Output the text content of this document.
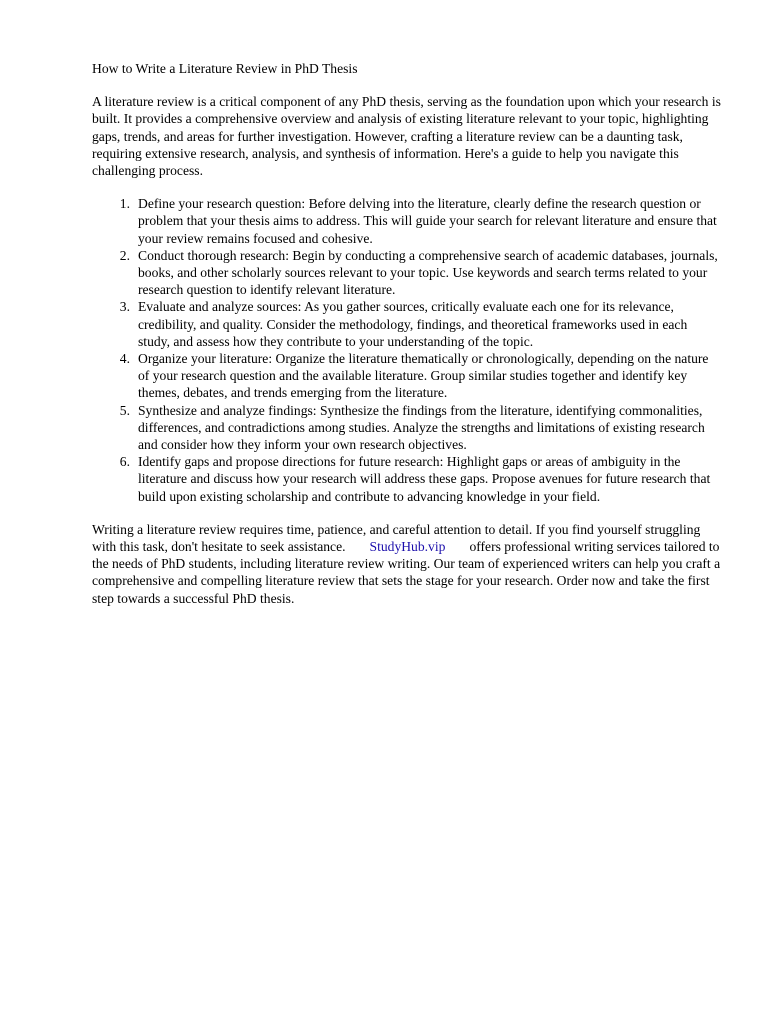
How to Write a Literature Review in PhD Thesis

A literature review is a critical component of any PhD thesis, serving as the foundation upon which your research is built. It provides a comprehensive overview and analysis of existing literature relevant to your topic, highlighting gaps, trends, and areas for further investigation. However, crafting a literature review can be a daunting task, requiring extensive research, analysis, and synthesis of information. Here's a guide to help you navigate this challenging process.

1. Define your research question: Before delving into the literature, clearly define the research question or problem that your thesis aims to address. This will guide your search for relevant literature and ensure that your review remains focused and cohesive.
2. Conduct thorough research: Begin by conducting a comprehensive search of academic databases, journals, books, and other scholarly sources relevant to your topic. Use keywords and search terms related to your research question to identify relevant literature.
3. Evaluate and analyze sources: As you gather sources, critically evaluate each one for its relevance, credibility, and quality. Consider the methodology, findings, and theoretical frameworks used in each study, and assess how they contribute to your understanding of the topic.
4. Organize your literature: Organize the literature thematically or chronologically, depending on the nature of your research question and the available literature. Group similar studies together and identify key themes, debates, and trends emerging from the literature.
5. Synthesize and analyze findings: Synthesize the findings from the literature, identifying commonalities, differences, and contradictions among studies. Analyze the strengths and limitations of existing research and consider how they inform your own research objectives.
6. Identify gaps and propose directions for future research: Highlight gaps or areas of ambiguity in the literature and discuss how your research will address these gaps. Propose avenues for future research that build upon existing scholarship and contribute to advancing knowledge in your field.

Writing a literature review requires time, patience, and careful attention to detail. If you find yourself struggling with this task, don't hesitate to seek assistance. StudyHub.vip offers professional writing services tailored to the needs of PhD students, including literature review writing. Our team of experienced writers can help you craft a comprehensive and compelling literature review that sets the stage for your research. Order now and take the first step towards a successful PhD thesis.
